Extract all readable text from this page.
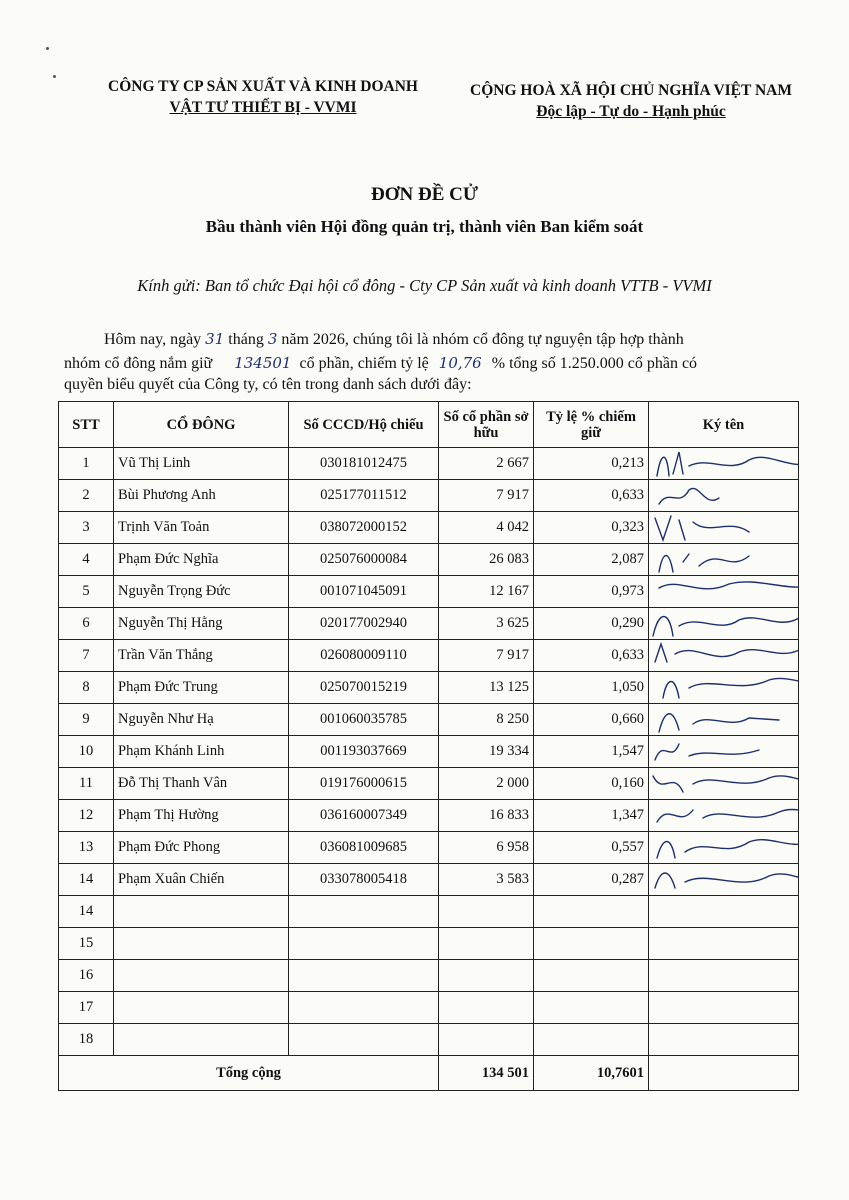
CÔNG TY CP SẢN XUẤT VÀ KINH DOANH
VẬT TƯ THIẾT BỊ - VVMI
CỘNG HOÀ XÃ HỘI CHỦ NGHĨA VIỆT NAM
Độc lập - Tự do - Hạnh phúc
ĐƠN ĐỀ CỬ
Bầu thành viên Hội đồng quản trị, thành viên Ban kiểm soát
Kính gửi: Ban tổ chức Đại hội cổ đông - Cty CP Sản xuất và kinh doanh VTTB - VVMI
Hôm nay, ngày 31 tháng 3 năm 2026, chúng tôi là nhóm cổ đông tự nguyện tập hợp thành
nhóm cổ đông nắm giữ 134501 cổ phần, chiếm tỷ lệ 10,76 % tổng số 1.250.000 cổ phần có
quyền biểu quyết của Công ty, có tên trong danh sách dưới đây:
STT	CỔ ĐÔNG	Số CCCD/Hộ chiếu	Số cổ phần sở hữu	Tỷ lệ % chiếm giữ	Ký tên
1	Vũ Thị Linh	030181012475	2 667	0,213	

2	Bùi Phương Anh	025177011512	7 917	0,633	

3	Trịnh Văn Toản	038072000152	4 042	0,323	

4	Phạm Đức Nghĩa	025076000084	26 083	2,087	

5	Nguyễn Trọng Đức	001071045091	12 167	0,973	

6	Nguyễn Thị Hằng	020177002940	3 625	0,290	

7	Trần Văn Thắng	026080009110	7 917	0,633	

8	Phạm Đức Trung	025070015219	13 125	1,050	

9	Nguyễn Như Hạ	001060035785	8 250	0,660	

10	Phạm Khánh Linh	001193037669	19 334	1,547	

11	Đỗ Thị Thanh Vân	019176000615	2 000	0,160	

12	Phạm Thị Hường	036160007349	16 833	1,347	

13	Phạm Đức Phong	036081009685	6 958	0,557	

14	Phạm Xuân Chiến	033078005418	3 583	0,287	

14					
15					
16					
17					
18					
Tổng cộng			134 501	10,7601	
